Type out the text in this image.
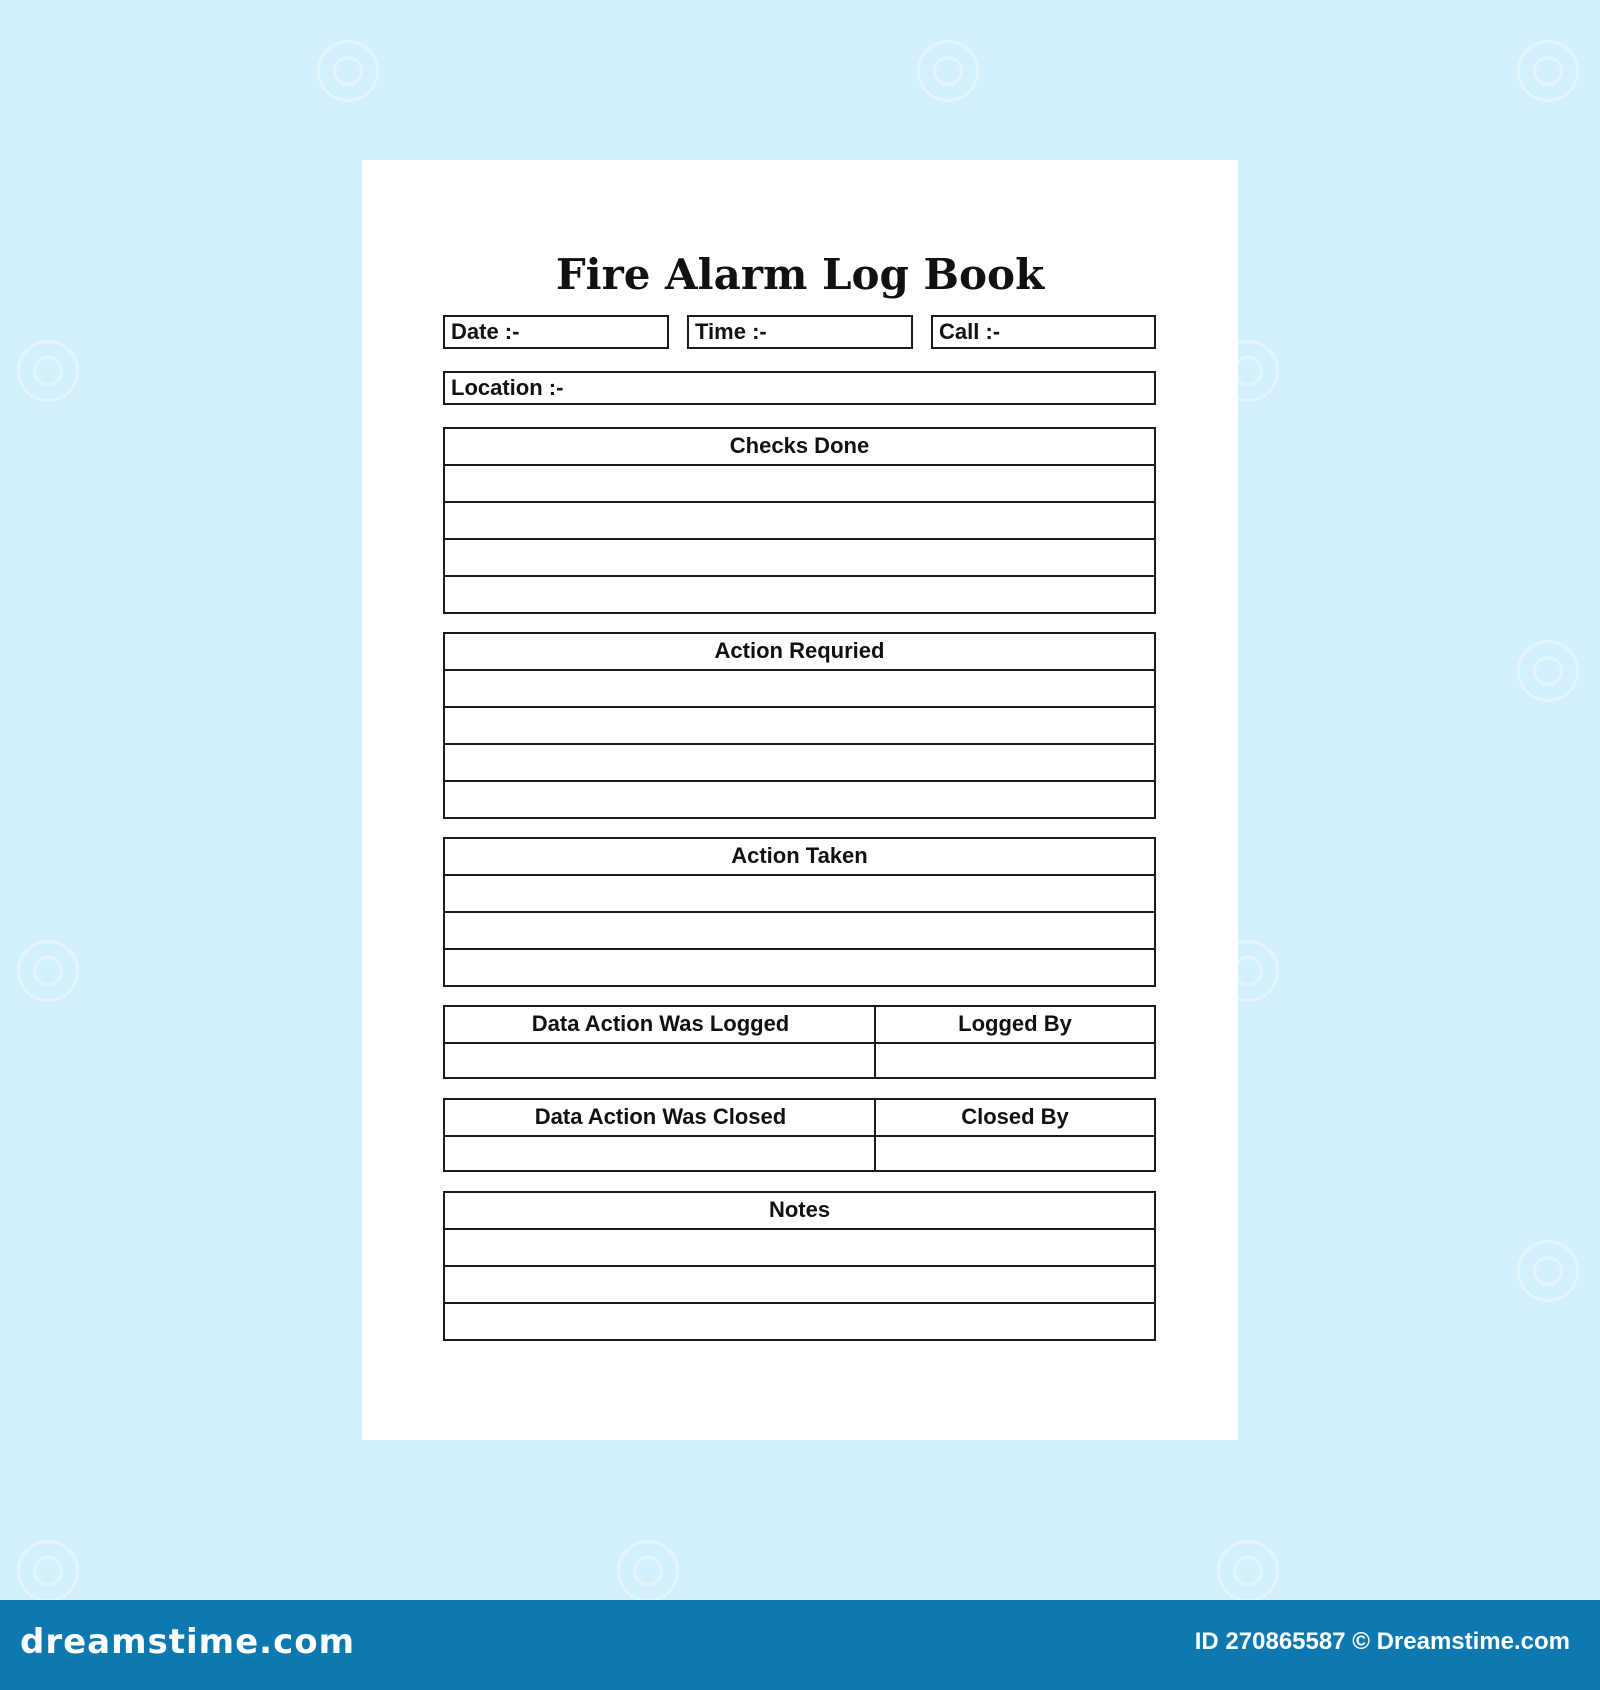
Fire Alarm Log Book
Date :-	Time :-	Call :-
Location :-
Checks Done
Action Requried
Action Taken
Data Action Was Logged	Logged By
Data Action Was Closed	Closed By
Notes
dreamstime.com	ID 270865587 © Dreamstime.com
